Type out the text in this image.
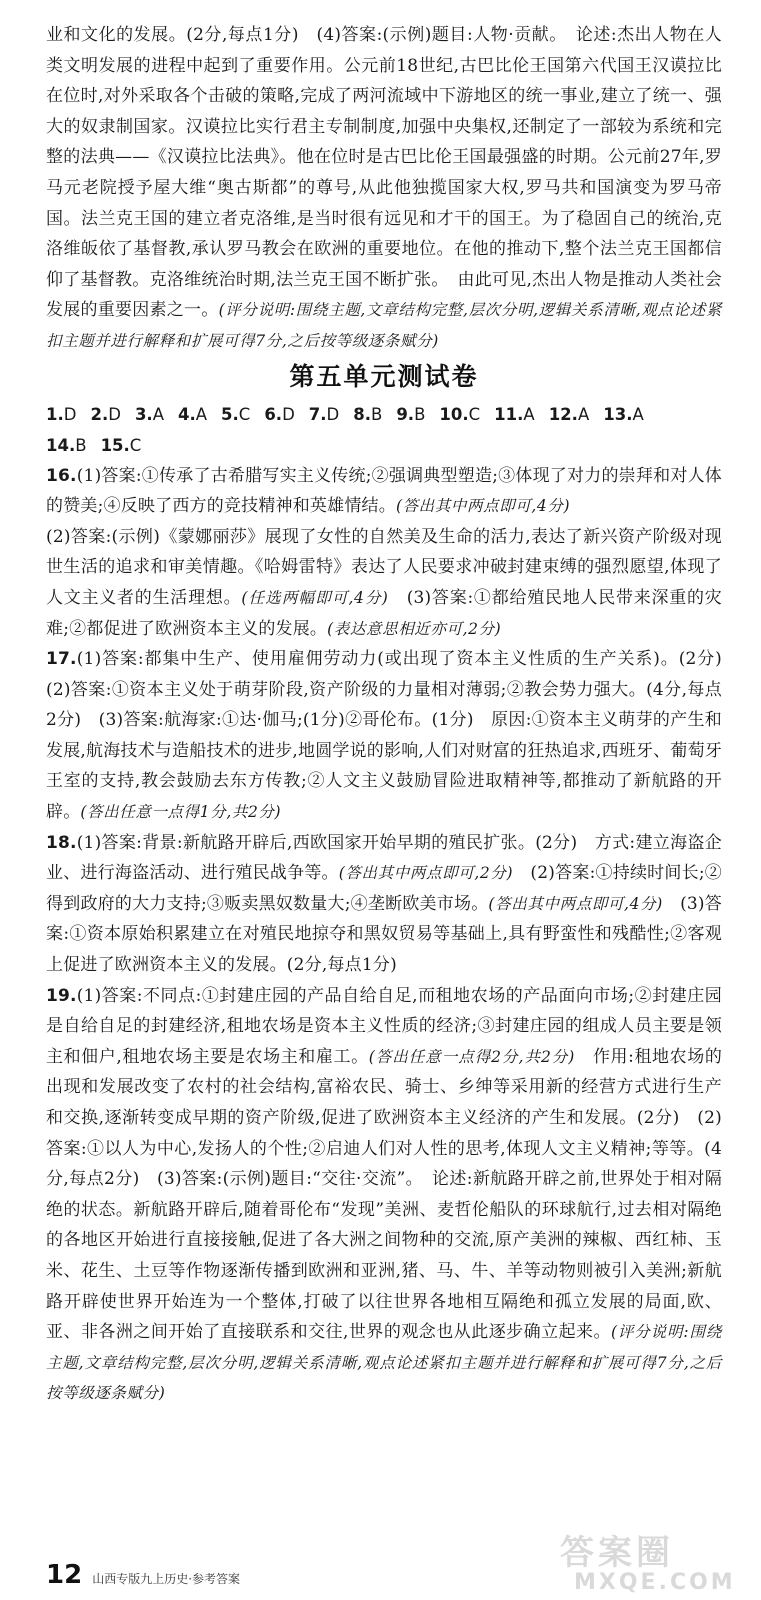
业和文化的发展。(2分,每点1分)　(4)答案:(示例)题目:人物·贡献。　论述:杰出人物在人类文明发展的进程中起到了重要作用。公元前18世纪,古巴比伦王国第六代国王汉谟拉比在位时,对外采取各个击破的策略,完成了两河流域中下游地区的统一事业,建立了统一、强大的奴隶制国家。汉谟拉比实行君主专制制度,加强中央集权,还制定了一部较为系统和完整的法典——《汉谟拉比法典》。他在位时是古巴比伦王国最强盛的时期。公元前27年,罗马元老院授予屋大维“奥古斯都”的尊号,从此他独揽国家大权,罗马共和国演变为罗马帝国。法兰克王国的建立者克洛维,是当时很有远见和才干的国王。为了稳固自己的统治,克洛维皈依了基督教,承认罗马教会在欧洲的重要地位。在他的推动下,整个法兰克王国都信仰了基督教。克洛维统治时期,法兰克王国不断扩张。　由此可见,杰出人物是推动人类社会发展的重要因素之一。(评分说明:围绕主题,文章结构完整,层次分明,逻辑关系清晰,观点论述紧扣主题并进行解释和扩展可得7分,之后按等级逐条赋分)

第五单元测试卷

1.D 2.D 3.A 4.A 5.C 6.D 7.D 8.B 9.B 10.C 11.A 12.A 13.A
14.B 15.C

16.(1)答案:①传承了古希腊写实主义传统;②强调典型塑造;③体现了对力的崇拜和对人体的赞美;④反映了西方的竞技精神和英雄情结。(答出其中两点即可,4分)
(2)答案:(示例)《蒙娜丽莎》展现了女性的自然美及生命的活力,表达了新兴资产阶级对现世生活的追求和审美情趣。《哈姆雷特》表达了人民要求冲破封建束缚的强烈愿望,体现了人文主义者的生活理想。(任选两幅即可,4分)　(3)答案:①都给殖民地人民带来深重的灾难;②都促进了欧洲资本主义的发展。(表达意思相近亦可,2分)

17.(1)答案:都集中生产、使用雇佣劳动力(或出现了资本主义性质的生产关系)。(2分)　(2)答案:①资本主义处于萌芽阶段,资产阶级的力量相对薄弱;②教会势力强大。(4分,每点2分)　(3)答案:航海家:①达·伽马;(1分)②哥伦布。(1分)　原因:①资本主义萌芽的产生和发展,航海技术与造船技术的进步,地圆学说的影响,人们对财富的狂热追求,西班牙、葡萄牙王室的支持,教会鼓励去东方传教;②人文主义鼓励冒险进取精神等,都推动了新航路的开辟。(答出任意一点得1分,共2分)

18.(1)答案:背景:新航路开辟后,西欧国家开始早期的殖民扩张。(2分)　方式:建立海盗企业、进行海盗活动、进行殖民战争等。(答出其中两点即可,2分)　(2)答案:①持续时间长;②得到政府的大力支持;③贩卖黑奴数量大;④垄断欧美市场。(答出其中两点即可,4分)　(3)答案:①资本原始积累建立在对殖民地掠夺和黑奴贸易等基础上,具有野蛮性和残酷性;②客观上促进了欧洲资本主义的发展。(2分,每点1分)

19.(1)答案:不同点:①封建庄园的产品自给自足,而租地农场的产品面向市场;②封建庄园是自给自足的封建经济,租地农场是资本主义性质的经济;③封建庄园的组成人员主要是领主和佃户,租地农场主要是农场主和雇工。(答出任意一点得2分,共2分)　作用:租地农场的出现和发展改变了农村的社会结构,富裕农民、骑士、乡绅等采用新的经营方式进行生产和交换,逐渐转变成早期的资产阶级,促进了欧洲资本主义经济的产生和发展。(2分)　(2)答案:①以人为中心,发扬人的个性;②启迪人们对人性的思考,体现人文主义精神;等等。(4分,每点2分)　(3)答案:(示例)题目:“交往·交流”。　论述:新航路开辟之前,世界处于相对隔绝的状态。新航路开辟后,随着哥伦布“发现”美洲、麦哲伦船队的环球航行,过去相对隔绝的各地区开始进行直接接触,促进了各大洲之间物种的交流,原产美洲的辣椒、西红柿、玉米、花生、土豆等作物逐渐传播到欧洲和亚洲,猪、马、牛、羊等动物则被引入美洲;新航路开辟使世界开始连为一个整体,打破了以往世界各地相互隔绝和孤立发展的局面,欧、亚、非各洲之间开始了直接联系和交往,世界的观念也从此逐步确立起来。(评分说明:围绕主题,文章结构完整,层次分明,逻辑关系清晰,观点论述紧扣主题并进行解释和扩展可得7分,之后按等级逐条赋分)

12 山西专版九上历史·参考答案
答案圈
MXQE.COM
